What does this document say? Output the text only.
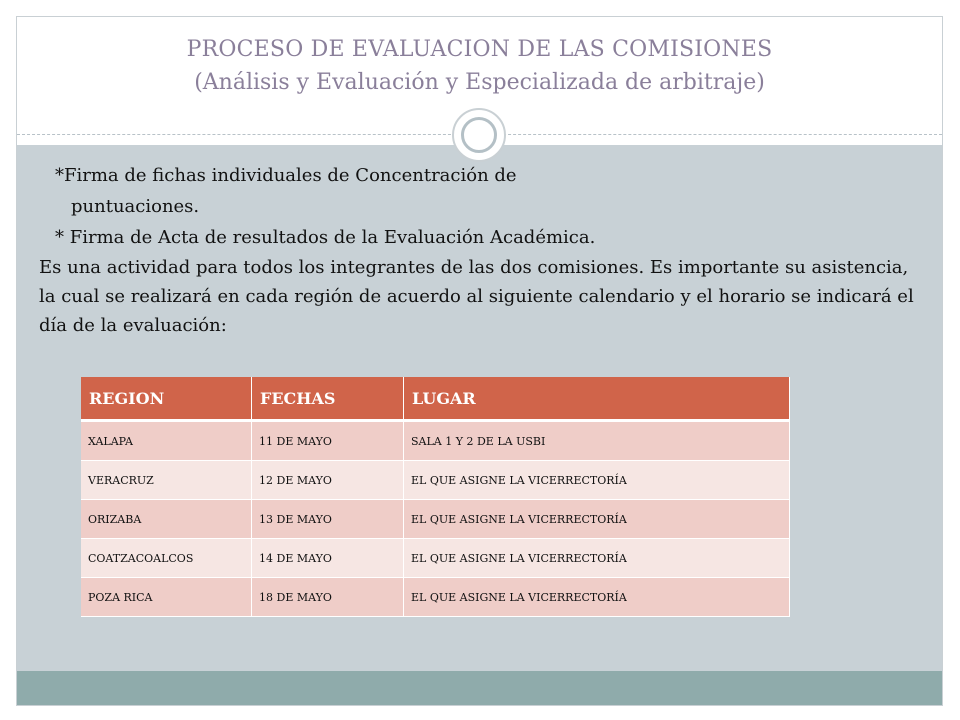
PROCESO DE EVALUACION DE LAS COMISIONES
(Análisis y Evaluación y Especializada de arbitraje)

*Firma de fichas individuales de Concentración de

puntuaciones.

* Firma de Acta de resultados de la Evaluación Académica.

Es una actividad para todos los integrantes de las dos comisiones. Es importante su asistencia, la cual se realizará en cada región de acuerdo al siguiente calendario y el horario se indicará el día de la evaluación:

REGION	FECHAS	LUGAR
XALAPA	11 DE MAYO	SALA 1 Y 2 DE LA USBI
VERACRUZ	12 DE MAYO	EL QUE ASIGNE LA VICERRECTORÍA
ORIZABA	13 DE MAYO	EL QUE ASIGNE LA VICERRECTORÍA
COATZACOALCOS	14 DE MAYO	EL QUE ASIGNE LA VICERRECTORÍA
POZA RICA	18 DE MAYO	EL QUE ASIGNE LA VICERRECTORÍA
